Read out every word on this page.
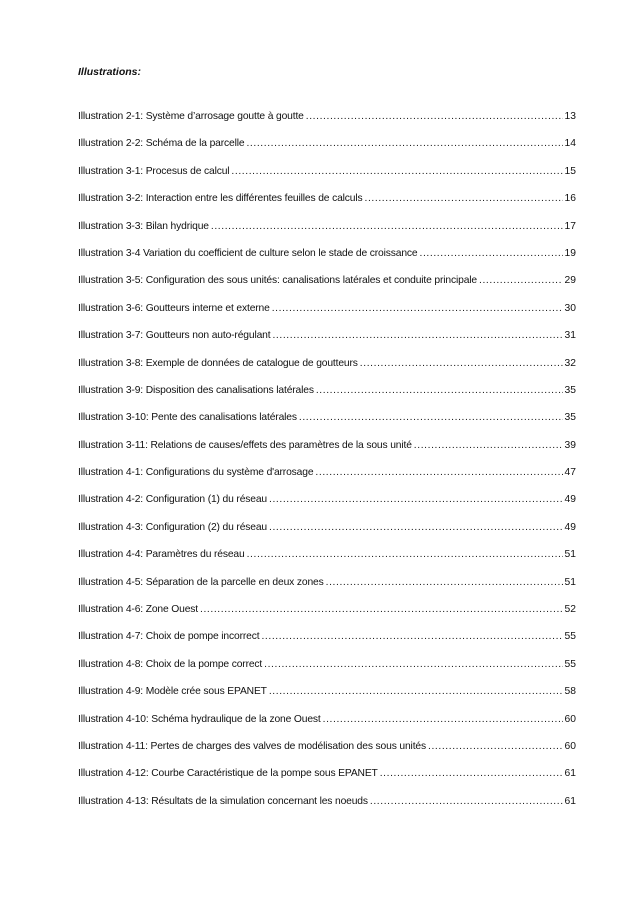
Illustrations:
Illustration 2-1: Système d’arrosage goutte à goutte .....	13
Illustration 2-2: Schéma de la parcelle .....	14
Illustration 3-1: Procesus de calcul .....	15
Illustration 3-2: Interaction entre les différentes feuilles de calculs .....	16
Illustration 3-3: Bilan hydrique .....	17
Illustration 3-4 Variation du coefficient de culture selon le stade de croissance .....	19
Illustration 3-5: Configuration des sous unités: canalisations latérales et conduite principale .....	29
Illustration 3-6: Goutteurs interne et externe .....	30
Illustration 3-7: Goutteurs non auto-régulant .....	31
Illustration 3-8: Exemple de données de catalogue de goutteurs .....	32
Illustration 3-9: Disposition des canalisations latérales .....	35
Illustration 3-10: Pente des canalisations latérales .....	35
Illustration 3-11: Relations de causes/effets des paramètres de la sous unité .....	39
Illustration 4-1: Configurations du système d'arrosage .....	47
Illustration 4-2: Configuration (1) du réseau .....	49
Illustration 4-3: Configuration (2) du réseau .....	49
Illustration 4-4: Paramètres du réseau .....	51
Illustration 4-5: Séparation de la parcelle en deux zones .....	51
Illustration 4-6: Zone Ouest .....	52
Illustration 4-7: Choix de pompe incorrect .....	55
Illustration 4-8: Choix de la pompe correct .....	55
Illustration 4-9: Modèle crée sous EPANET .....	58
Illustration 4-10: Schéma hydraulique de la zone Ouest .....	60
Illustration 4-11: Pertes de charges des valves de modélisation des sous unités .....	60
Illustration 4-12: Courbe Caractéristique de la pompe sous EPANET .....	61
Illustration 4-13: Résultats de la simulation concernant les noeuds .....	61
